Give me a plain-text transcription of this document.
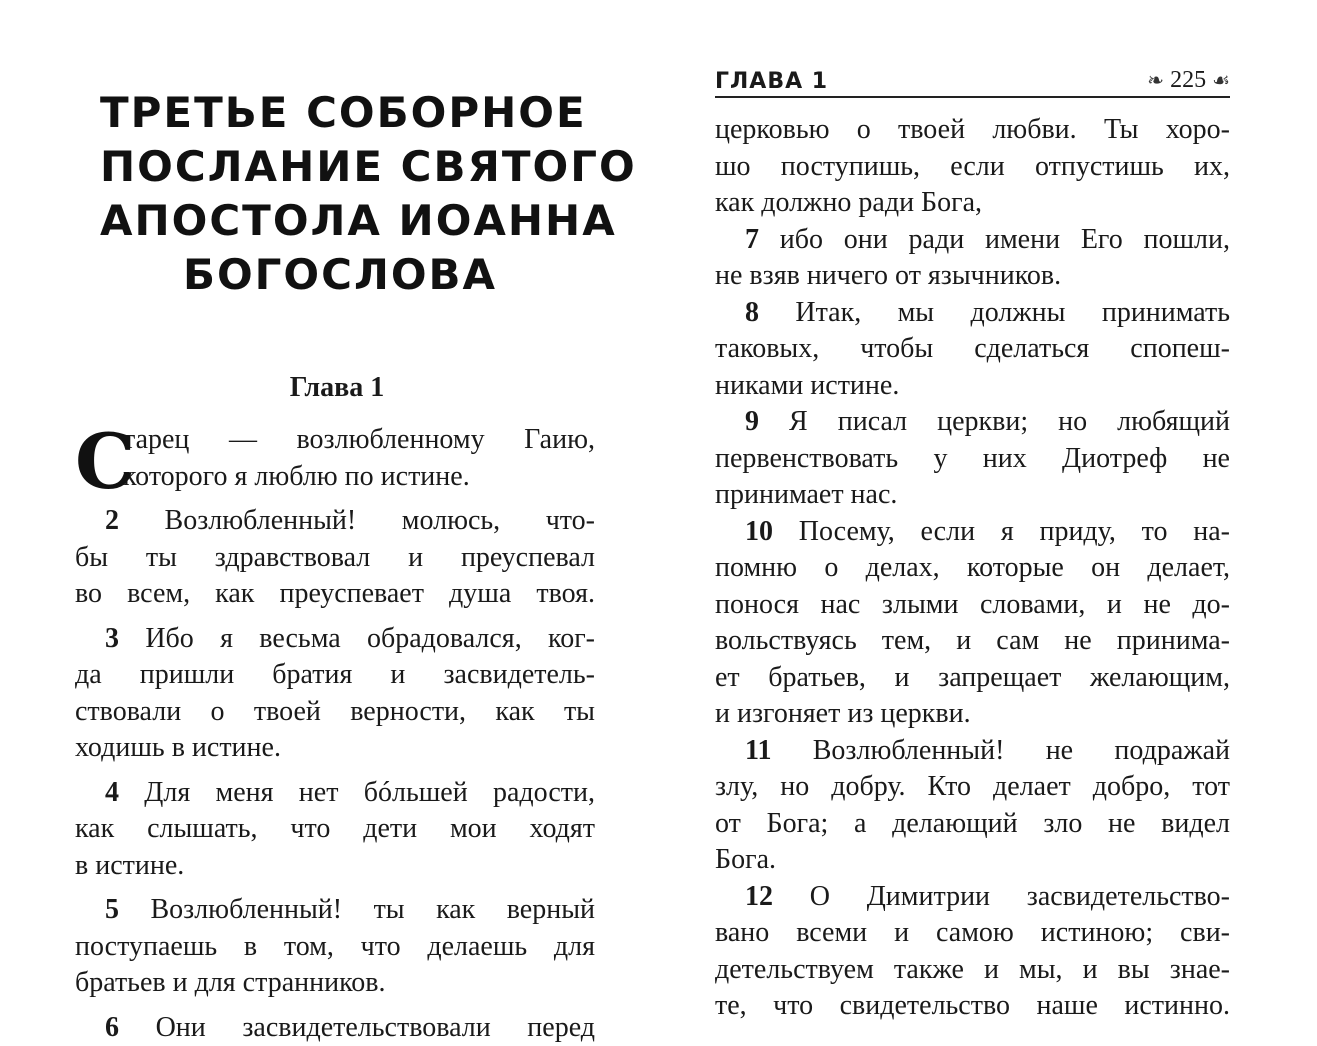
ТРЕТЬЕ СОБОРНОЕ
ПОСЛАНИЕ СВЯТОГО
АПОСТОЛА ИОАННА
БОГОСЛОВА
Глава 1
С
тарец — возлюбленному Гаию,
которого я люблю по истине.
2 Возлюбленный! молюсь, что-
бы ты здравствовал и преуспевал
во всем, как преуспевает душа твоя.
3 Ибо я весьма обрадовался, ког-
да пришли братия и засвидетель-
ствовали о твоей верности, как ты
ходишь в истине.
4 Для меня нет бóльшей радости,
как слышать, что дети мои ходят
в истине.
5 Возлюбленный! ты как верный
поступаешь в том, что делаешь для
братьев и для странников.
6 Они засвидетельствовали перед
ГЛАВА 1	❧ 225 ☙
церковью о твоей любви. Ты хоро-
шо поступишь, если отпустишь их,
как должно ради Бога,
7 ибо они ради имени Его пошли,
не взяв ничего от язычников.
8 Итак, мы должны принимать
таковых, чтобы сделаться спопеш-
никами истине.
9 Я писал церкви; но любящий
первенствовать у них Диотреф не
принимает нас.
10 Посему, если я приду, то на-
помню о делах, которые он делает,
понося нас злыми словами, и не до-
вольствуясь тем, и сам не принима-
ет братьев, и запрещает желающим,
и изгоняет из церкви.
11 Возлюбленный! не подражай
злу, но добру. Кто делает добро, тот
от Бога; а делающий зло не видел
Бога.
12 О Димитрии засвидетельство-
вано всеми и самою истиною; сви-
детельствуем также и мы, и вы знае-
те, что свидетельство наше истинно.
